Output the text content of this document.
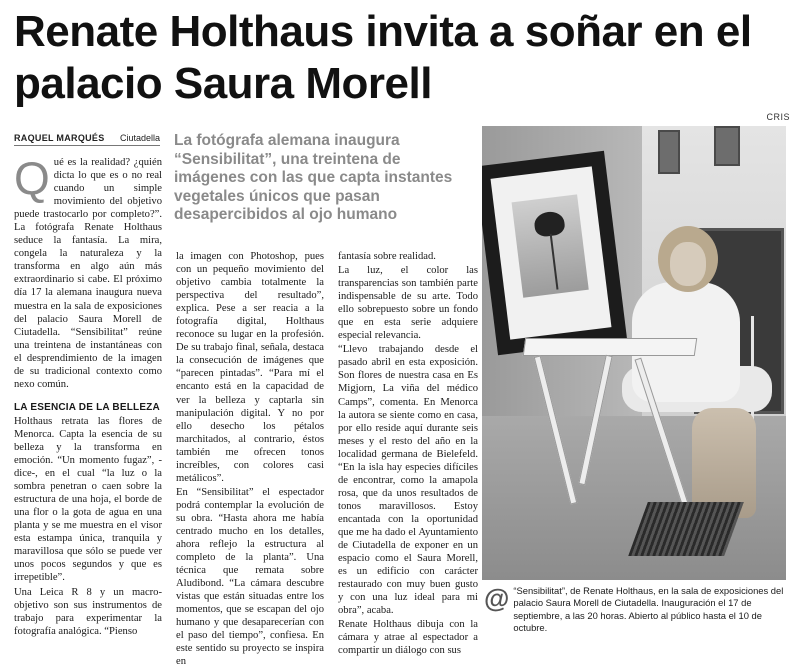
Renate Holthaus invita a soñar en el palacio Saura Morell
CRIS
RAQUEL MARQUÉS Ciutadella La fotógrafa alemana inaugura “Sensibilitat”, una treintena de imágenes con las que capta instantes vegetales únicos que pasan desapercibidos al ojo humano
Q ué es la realidad? ¿quién dicta lo que es o no real cuando un simple movimiento del objetivo puede trastocarlo por completo?”. La fotógrafa Renate Holthaus seduce la fantasía. La mira, congela la naturaleza y la transforma en algo aún más extraordinario si cabe. El próximo día 17 la alemana inaugura nueva muestra en la sala de exposiciones del palacio Saura Morell de Ciutadella. “Sensibilitat” reúne una treintena de instantáneas con el desprendimiento de la imagen de su tradicional contexto como nexo común.

LA ESENCIA DE LA BELLEZA

Holthaus retrata las flores de Menorca. Capta la esencia de su belleza y la transforma en emoción. “Un momento fugaz”, -dice-, en el cual “la luz o la sombra penetran o caen sobre la estructura de una hoja, el borde de una flor o la gota de agua en una planta y se me muestra en el visor esta estampa única, tranquila y maravillosa que sólo se puede ver unos pocos segundos y que es irrepetible”.

Una Leica R 8 y un macro-objetivo son sus instrumentos de trabajo para experimentar la fotografía analógica. “Pienso

la imagen con Photoshop, pues con un pequeño movimiento del objetivo cambia totalmente la perspectiva del resultado”, explica. Pese a ser reacia a la fotografía digital, Holthaus reconoce su lugar en la profesión. De su trabajo final, señala, destaca la consecución de imágenes que “parecen pintadas”. “Para mí el encanto está en la capacidad de ver la belleza y captarla sin manipulación digital. Y no por ello desecho los pétalos marchitados, al contrario, éstos también me ofrecen tonos increíbles, con colores casi metálicos”.

En “Sensibilitat” el espectador podrá contemplar la evolución de su obra. “Hasta ahora me había centrado mucho en los detalles, ahora reflejo la estructura al completo de la planta”. Una técnica que remata sobre Aludibond. “La cámara descubre vistas que están situadas entre los momentos, que se escapan del ojo humano y que desaparecerían con el paso del tiempo”, confiesa. En este sentido su proyecto se inspira en

fantasía sobre realidad.

La luz, el color las transparencias son también parte indispensable de su arte. Todo ello sobrepuesto sobre un fondo que en esta serie adquiere especial relevancia.

“Llevo trabajando desde el pasado abril en esta exposición. Son flores de nuestra casa en Es Migjorn, La viña del médico Camps”, comenta. En Menorca la autora se siente como en casa, por ello reside aquí durante seis meses y el resto del año en la localidad germana de Bielefeld. “En la isla hay especies difíciles de encontrar, como la amapola rosa, que da unos resultados de tonos maravillosos. Estoy encantada con la oportunidad que me ha dado el Ayuntamiento de Ciutadella de exponer en un espacio como el Saura Morell, es un edificio con carácter restaurado con muy buen gusto y con una luz ideal para mi obra”, acaba.

Renate Holthaus dibuja con la cámara y atrae al espectador a compartir un diálogo con sus

@ “Sensibilitat”, de Renate Holthaus, en la sala de exposiciones del palacio Saura Morell de Ciutadella. Inauguración el 17 de septiembre, a las 20 horas. Abierto al público hasta el 10 de octubre.
